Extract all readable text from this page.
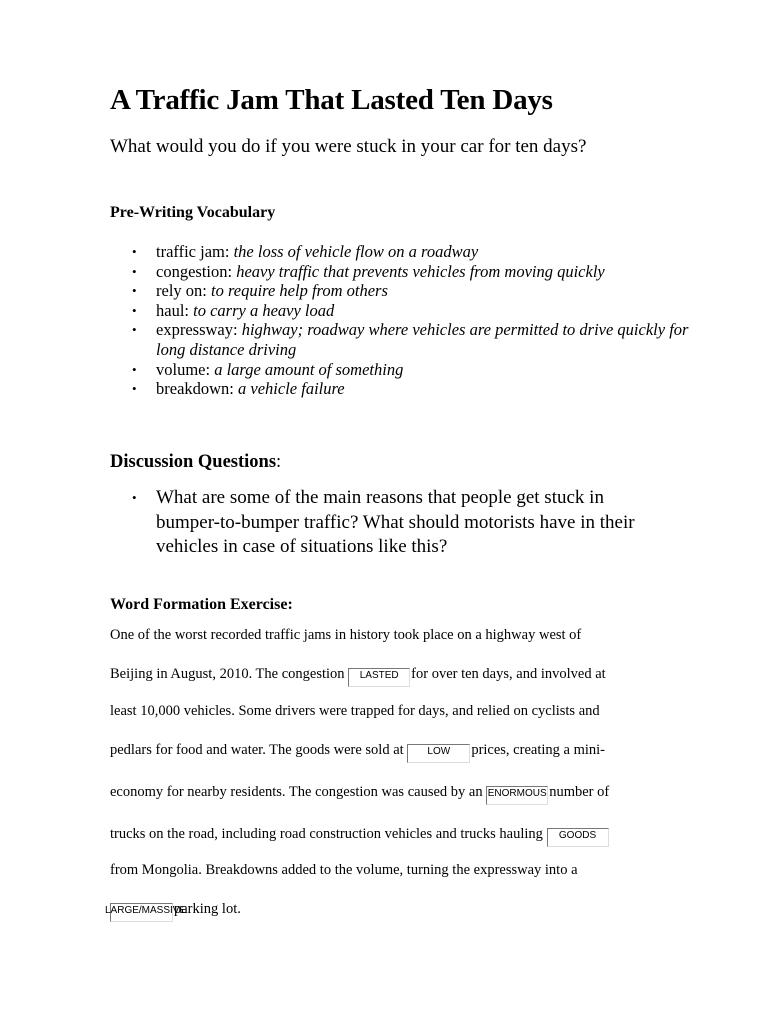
A Traffic Jam That Lasted Ten Days

What would you do if you were stuck in your car for ten days?

Pre-Writing Vocabulary
• traffic jam: the loss of vehicle flow on a roadway
• congestion: heavy traffic that prevents vehicles from moving quickly
• rely on: to require help from others
• haul: to carry a heavy load
• expressway: highway; roadway where vehicles are permitted to drive quickly for long distance driving
• volume: a large amount of something
• breakdown: a vehicle failure

Discussion Questions:

• What are some of the main reasons that people get stuck in bumper-to-bumper traffic? What should motorists have in their vehicles in case of situations like this?
Word Formation Exercise:
One of the worst recorded traffic jams in history took place on a highway west of
Beijing in August, 2010. The congestion LASTED for over ten days, and involved at
least 10,000 vehicles. Some drivers were trapped for days, and relied on cyclists and
pedlars for food and water. The goods were sold at LOW prices, creating a mini-
economy for nearby residents. The congestion was caused by an ENORMOUS number of
trucks on the road, including road construction vehicles and trucks hauling GOODS
from Mongolia. Breakdowns added to the volume, turning the expressway into a
LARGE/MASSIVEparking lot.
